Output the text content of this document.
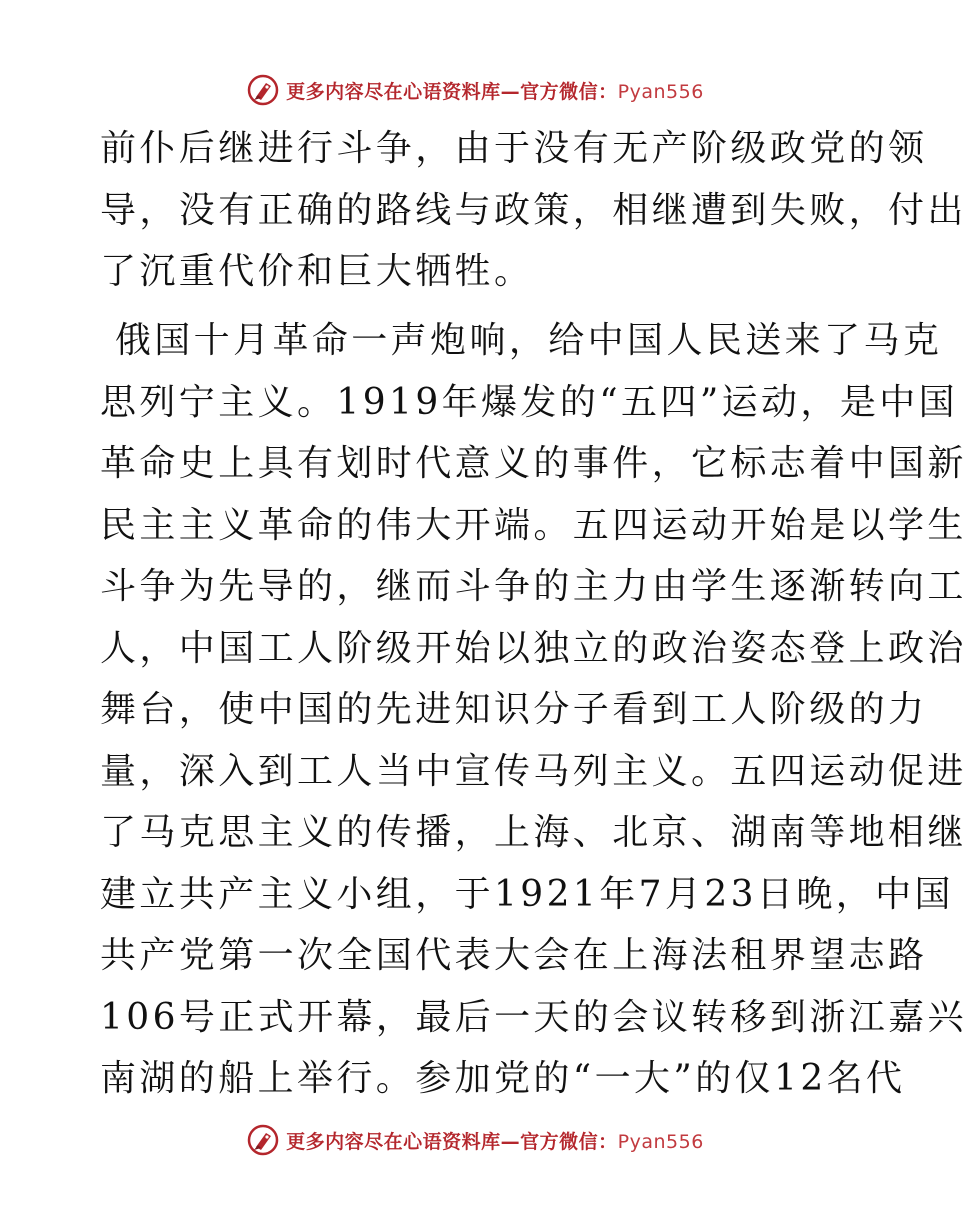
更多内容尽在心语资料库—官方微信：Pyan556
前仆后继进行斗争，由于没有无产阶级政党的领
导，没有正确的路线与政策，相继遭到失败，付出
了沉重代价和巨大牺牲。
俄国十月革命一声炮响，给中国人民送来了马克
思列宁主义。1919年爆发的“五四”运动，是中国
革命史上具有划时代意义的事件，它标志着中国新
民主主义革命的伟大开端。五四运动开始是以学生
斗争为先导的，继而斗争的主力由学生逐渐转向工
人，中国工人阶级开始以独立的政治姿态登上政治
舞台，使中国的先进知识分子看到工人阶级的力
量，深入到工人当中宣传马列主义。五四运动促进
了马克思主义的传播，上海、北京、湖南等地相继
建立共产主义小组，于1921年7月23日晚，中国
共产党第一次全国代表大会在上海法租界望志路
106号正式开幕，最后一天的会议转移到浙江嘉兴
南湖的船上举行。参加党的“一大”的仅12名代
更多内容尽在心语资料库—官方微信：Pyan556
